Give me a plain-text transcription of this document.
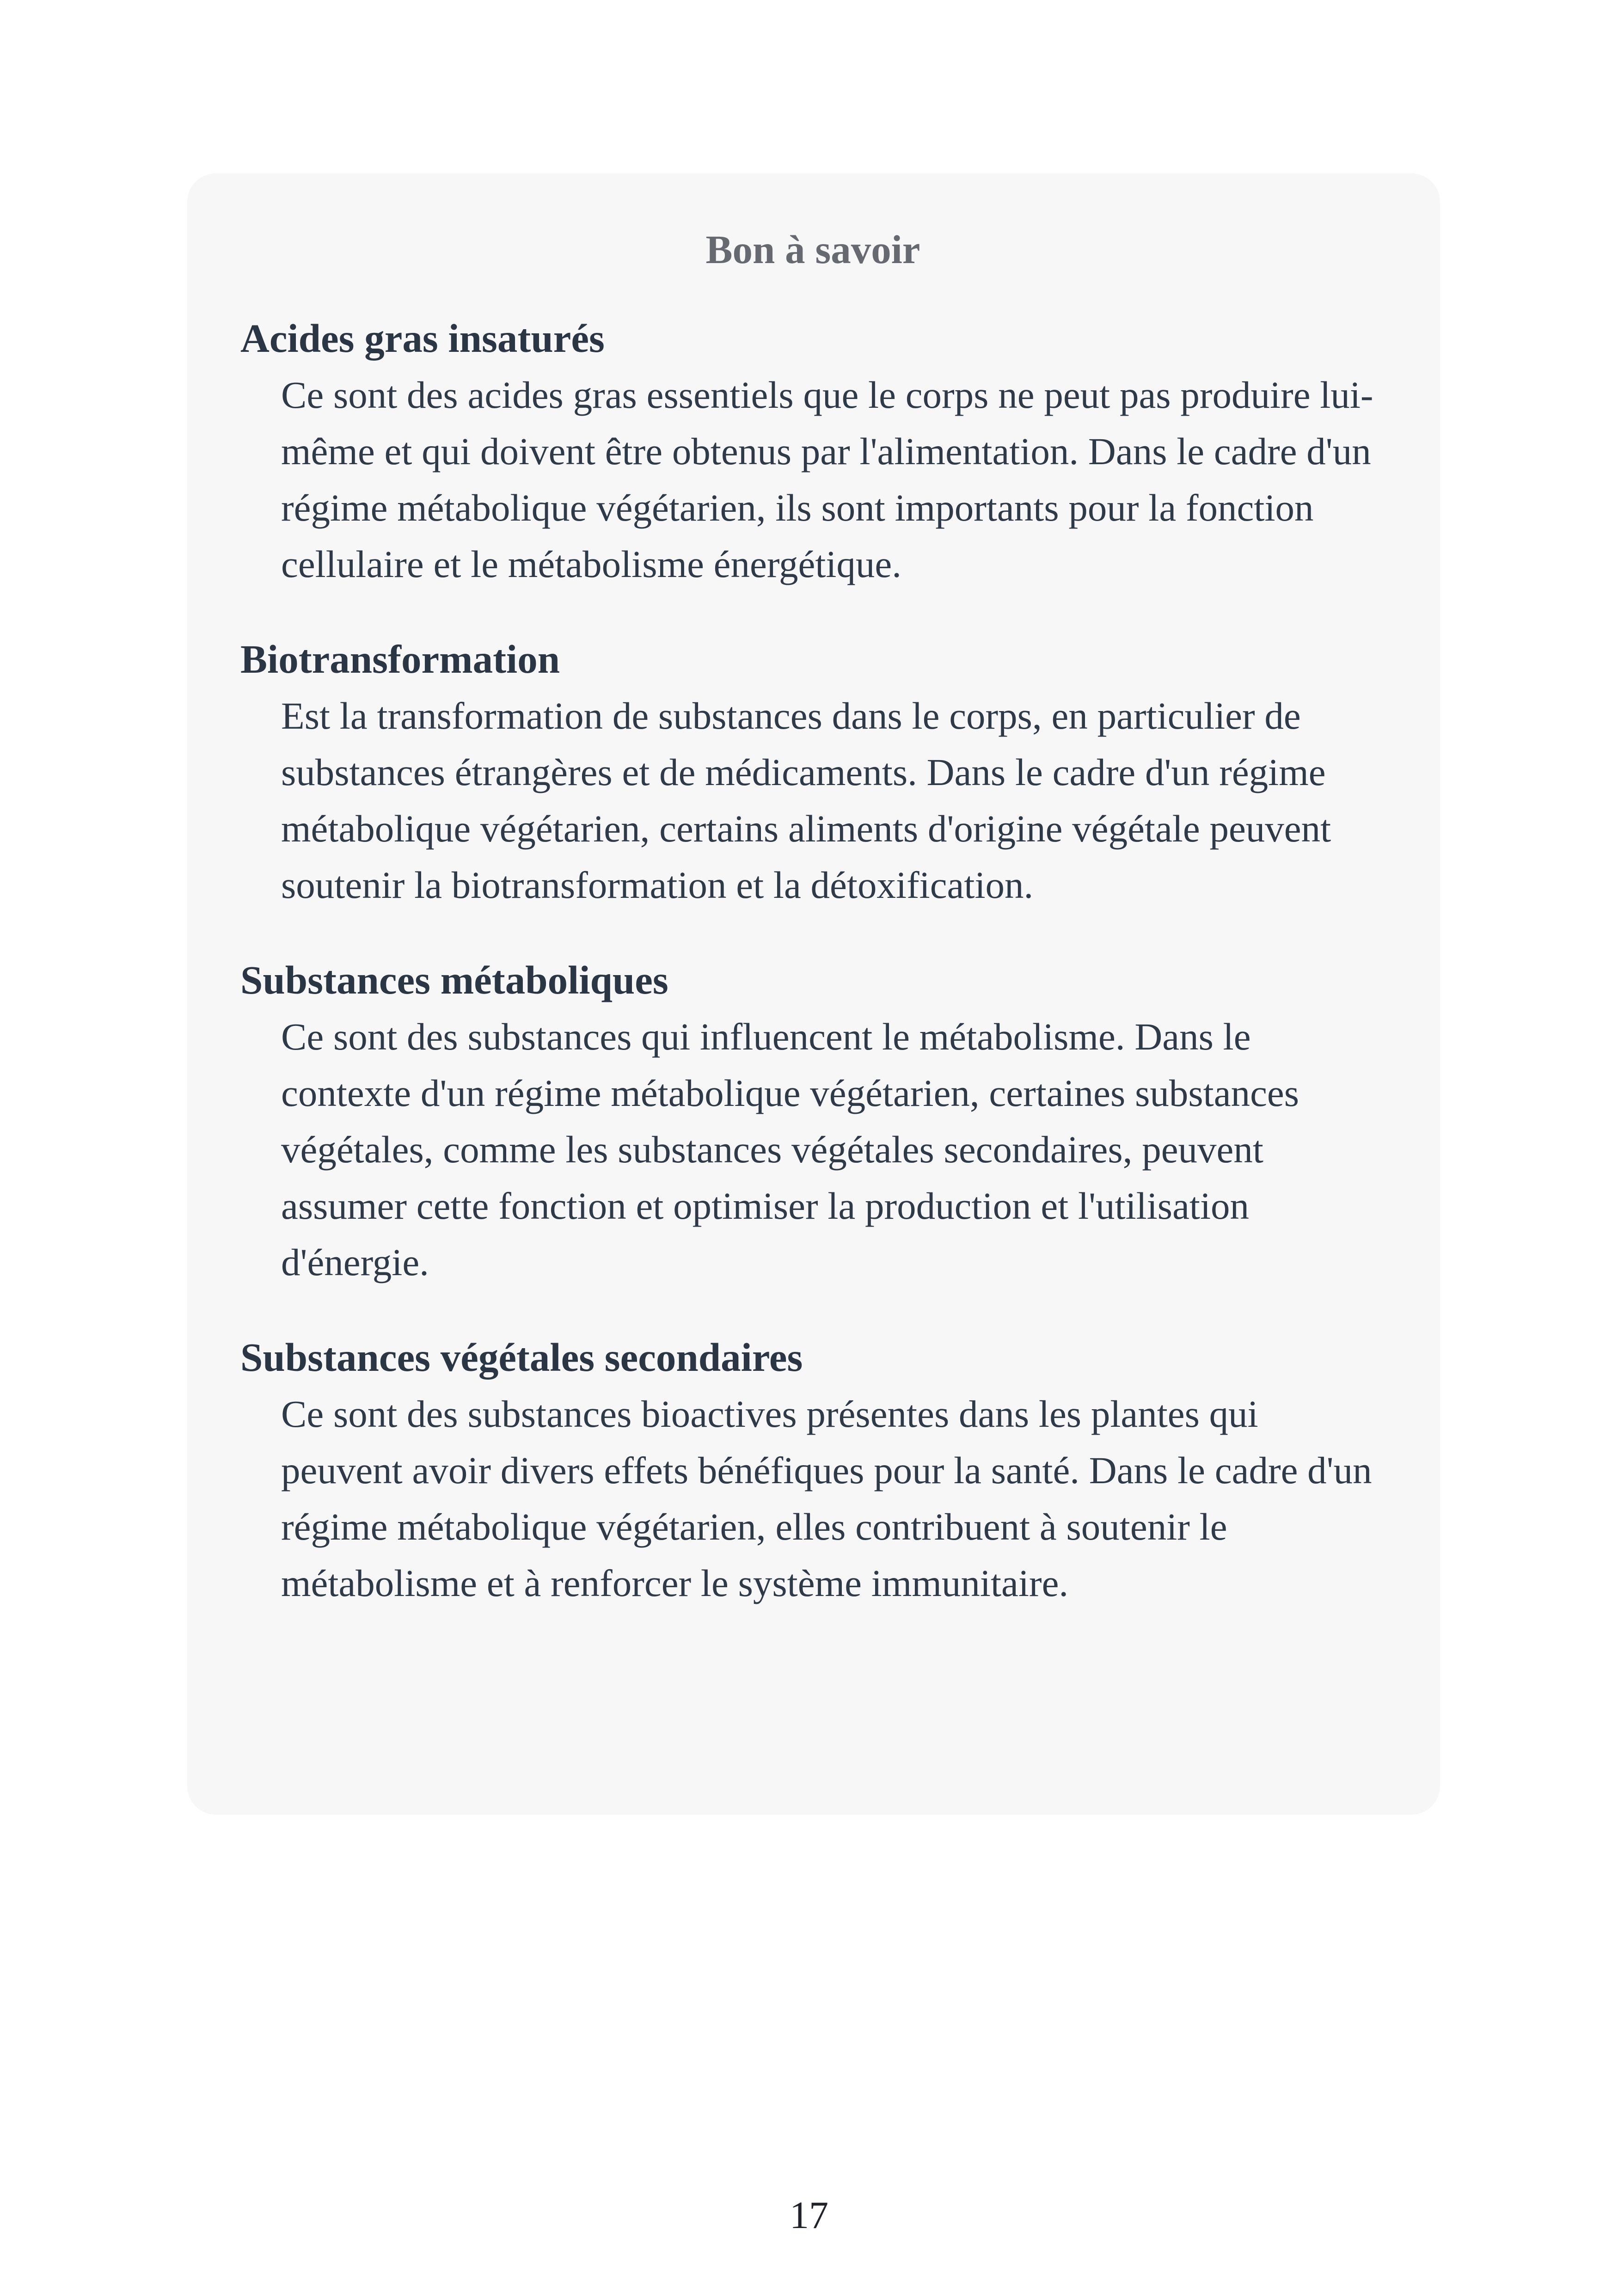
Bon à savoir
Acides gras insaturés
Ce sont des acides gras essentiels que le corps ne peut pas produire lui-même et qui doivent être obtenus par l'alimentation. Dans le cadre d'un régime métabolique végétarien, ils sont importants pour la fonction cellulaire et le métabolisme énergétique.
Biotransformation
Est la transformation de substances dans le corps, en particulier de substances étrangères et de médicaments. Dans le cadre d'un régime métabolique végétarien, certains aliments d'origine végétale peuvent soutenir la biotransformation et la détoxification.
Substances métaboliques
Ce sont des substances qui influencent le métabolisme. Dans le contexte d'un régime métabolique végétarien, certaines substances végétales, comme les substances végétales secondaires, peuvent assumer cette fonction et optimiser la production et l'utilisation d'énergie.
Substances végétales secondaires
Ce sont des substances bioactives présentes dans les plantes qui peuvent avoir divers effets bénéfiques pour la santé. Dans le cadre d'un régime métabolique végétarien, elles contribuent à soutenir le métabolisme et à renforcer le système immunitaire.
17
